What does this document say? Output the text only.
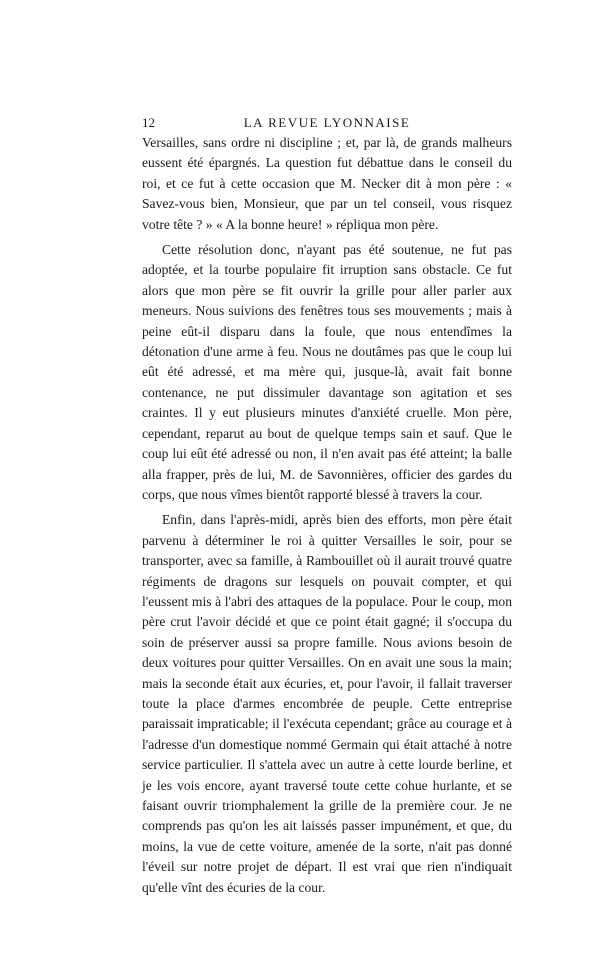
12	LA REVUE LYONNAISE

Versailles, sans ordre ni discipline ; et, par là, de grands malheurs eussent été épargnés. La question fut débattue dans le conseil du roi, et ce fut à cette occasion que M. Necker dit à mon père : « Savez-vous bien, Monsieur, que par un tel conseil, vous risquez votre tête ? » « A la bonne heure! » répliqua mon père.

Cette résolution donc, n'ayant pas été soutenue, ne fut pas adoptée, et la tourbe populaire fit irruption sans obstacle. Ce fut alors que mon père se fit ouvrir la grille pour aller parler aux meneurs. Nous suivions des fenêtres tous ses mouvements ; mais à peine eût-il disparu dans la foule, que nous entendîmes la détonation d'une arme à feu. Nous ne doutâmes pas que le coup lui eût été adressé, et ma mère qui, jusque-là, avait fait bonne contenance, ne put dissimuler davantage son agitation et ses craintes. Il y eut plusieurs minutes d'anxiété cruelle. Mon père, cependant, reparut au bout de quelque temps sain et sauf. Que le coup lui eût été adressé ou non, il n'en avait pas été atteint; la balle alla frapper, près de lui, M. de Savonnières, officier des gardes du corps, que nous vîmes bientôt rapporté blessé à travers la cour.

Enfin, dans l'après-midi, après bien des efforts, mon père était parvenu à déterminer le roi à quitter Versailles le soir, pour se transporter, avec sa famille, à Rambouillet où il aurait trouvé quatre régiments de dragons sur lesquels on pouvait compter, et qui l'eussent mis à l'abri des attaques de la populace. Pour le coup, mon père crut l'avoir décidé et que ce point était gagné; il s'occupa du soin de préserver aussi sa propre famille. Nous avions besoin de deux voitures pour quitter Versailles. On en avait une sous la main; mais la seconde était aux écuries, et, pour l'avoir, il fallait traverser toute la place d'armes encombrée de peuple. Cette entreprise paraissait impraticable; il l'exécuta cependant; grâce au courage et à l'adresse d'un domestique nommé Germain qui était attaché à notre service particulier. Il s'attela avec un autre à cette lourde berline, et je les vois encore, ayant traversé toute cette cohue hurlante, et se faisant ouvrir triomphalement la grille de la première cour. Je ne comprends pas qu'on les ait laissés passer impunément, et que, du moins, la vue de cette voiture, amenée de la sorte, n'ait pas donné l'éveil sur notre projet de départ. Il est vrai que rien n'indiquait qu'elle vînt des écuries de la cour.
